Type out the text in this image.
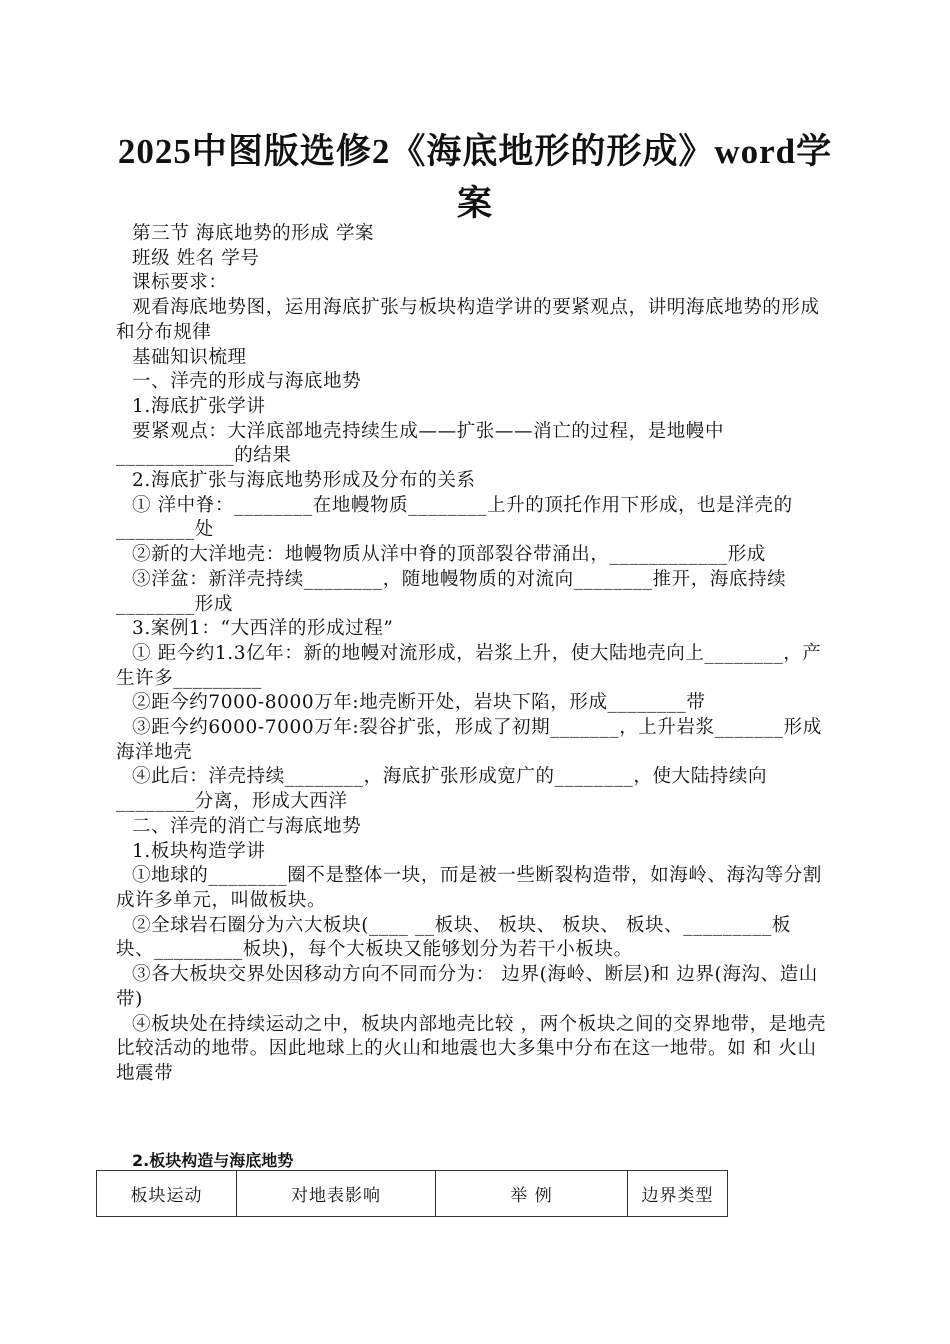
2025中图版选修2《海底地形的形成》word学案

第三节 海底地势的形成 学案

班级 姓名 学号

课标要求：

观看海底地势图，运用海底扩张与板块构造学讲的要紧观点，讲明海底地势的形成和分布规律

基础知识梳理

一、洋壳的形成与海底地势

1.海底扩张学讲

要紧观点：大洋底部地壳持续生成——扩张——消亡的过程，是地幔中____________的结果

2.海底扩张与海底地势形成及分布的关系

① 洋中脊：________在地幔物质________上升的顶托作用下形成，也是洋壳的________处

②新的大洋地壳：地幔物质从洋中脊的顶部裂谷带涌出，____________形成

③洋盆：新洋壳持续________，随地幔物质的对流向________推开，海底持续________形成

3.案例1：“大西洋的形成过程”

① 距今约1.3亿年：新的地幔对流形成，岩浆上升，使大陆地壳向上________，产生许多_________

②距今约7000-8000万年:地壳断开处，岩块下陷，形成________带

③距今约6000-7000万年:裂谷扩张，形成了初期_______，上升岩浆_______形成海洋地壳

④此后：洋壳持续________，海底扩张形成宽广的________，使大陆持续向________分离，形成大西洋

二、洋壳的消亡与海底地势

1.板块构造学讲

①地球的________圈不是整体一块，而是被一些断裂构造带，如海岭、海沟等分割成许多单元，叫做板块。

②全球岩石圈分为六大板块(____ __板块、 板块、 板块、 板块、_________板块、_________板块)，每个大板块又能够划分为若干小板块。

③各大板块交界处因移动方向不同而分为： 边界(海岭、断层)和 边界(海沟、造山带)

④板块处在持续运动之中，板块内部地壳比较 ，两个板块之间的交界地带，是地壳比较活动的地带。因此地球上的火山和地震也大多集中分布在这一地带。如 和 火山地震带

2.板块构造与海底地势
板块运动	对地表影响	举 例	边界类型
